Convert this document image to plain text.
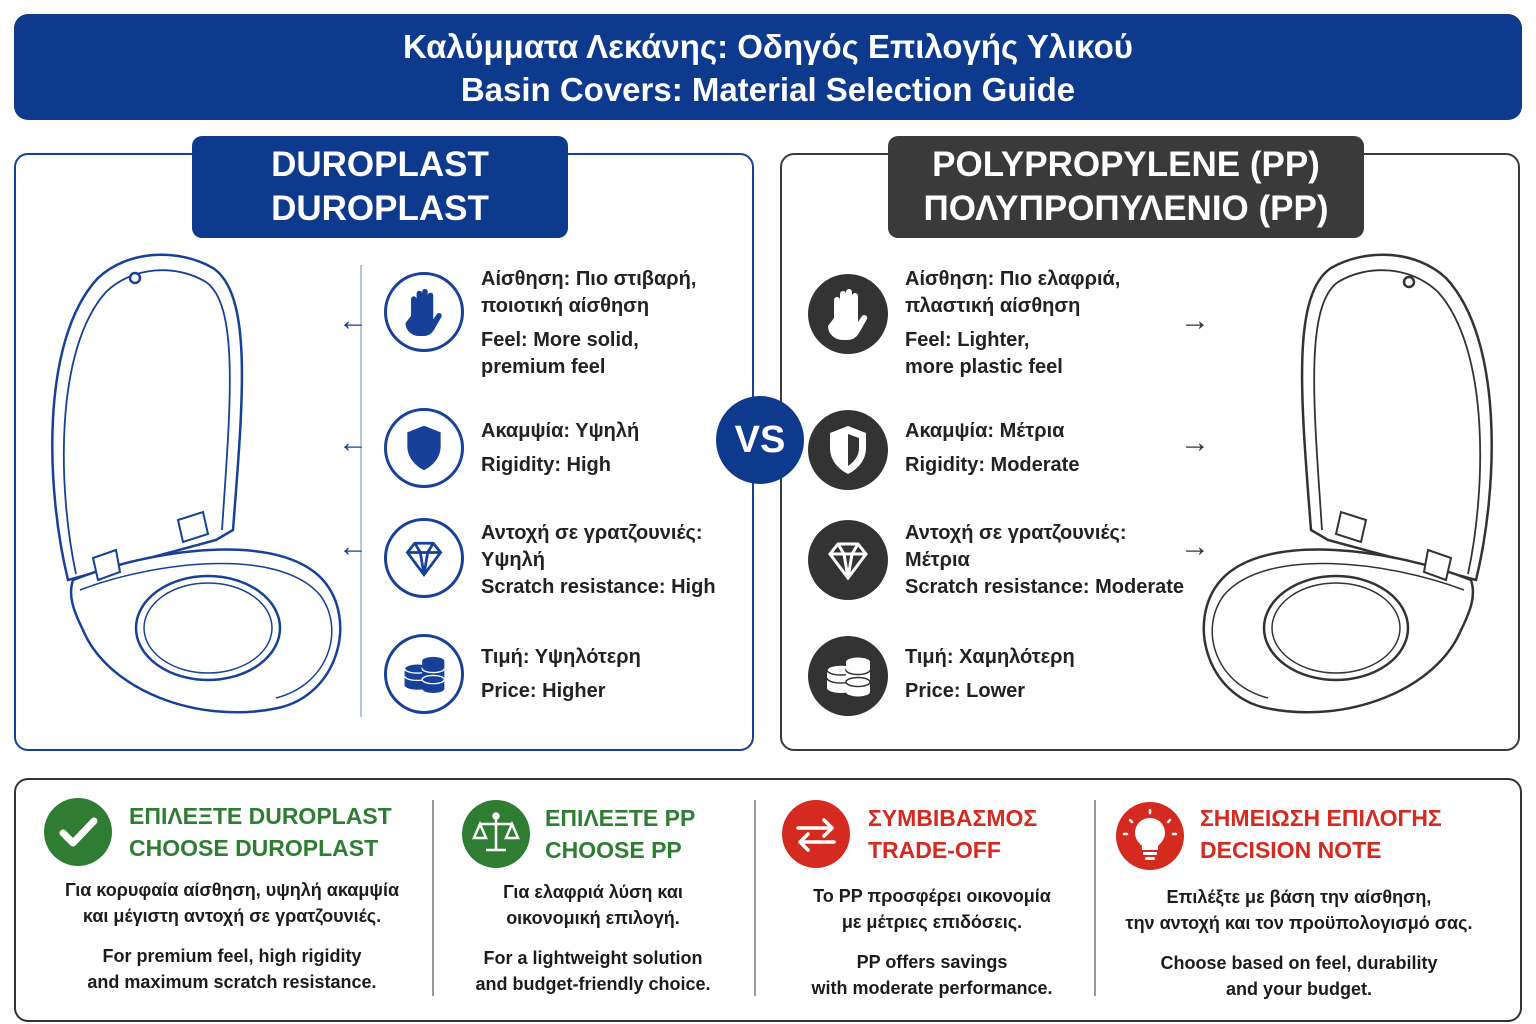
Καλύμματα Λεκάνης: Οδηγός Επιλογής Υλικού
Basin Covers: Material Selection Guide
DUROPLAST
DUROPLAST
POLYPROPYLENE (PP)
ΠΟΛΥΠΡΟΠΥΛΕΝΙΟ (PP)
←
←
←
→
→
→
Αίσθηση: Πιο στιβαρή,
ποιοτική αίσθηση
Feel: More solid,
premium feel
Ακαμψία: Υψηλή
Rigidity: High
Αντοχή σε γρατζουνιές:
Υψηλή
Scratch resistance: High
Τιμή: Υψηλότερη
Price: Higher
Αίσθηση: Πιο ελαφριά,
πλαστική αίσθηση
Feel: Lighter,
more plastic feel
Ακαμψία: Μέτρια
Rigidity: Moderate
Αντοχή σε γρατζουνιές:
Μέτρια
Scratch resistance: Moderate
Τιμή: Χαμηλότερη
Price: Lower
VS
ΕΠΙΛΕΞΤΕ DUROPLAST
CHOOSE DUROPLAST

Για κορυφαία αίσθηση, υψηλή ακαμψία
και μέγιστη αντοχή σε γρατζουνιές.

For premium feel, high rigidity
and maximum scratch resistance.

ΕΠΙΛΕΞΤΕ PP
CHOOSE PP

Για ελαφριά λύση και
οικονομική επιλογή.

For a lightweight solution
and budget-friendly choice.

ΣΥΜΒΙΒΑΣΜΟΣ
TRADE-OFF

Το PP προσφέρει οικονομία
με μέτριες επιδόσεις.

PP offers savings
with moderate performance.

ΣΗΜΕΙΩΣΗ ΕΠΙΛΟΓΗΣ
DECISION NOTE

Επιλέξτε με βάση την αίσθηση,
την αντοχή και τον προϋπολογισμό σας.

Choose based on feel, durability
and your budget.
